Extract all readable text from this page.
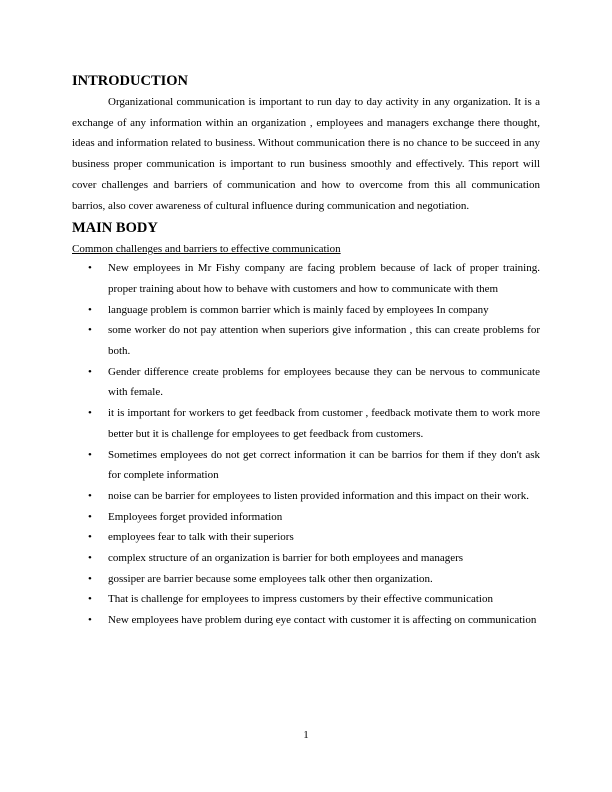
INTRODUCTION

Organizational communication is important to run day to day activity in any organization. It is a exchange of any information within an organization , employees and managers exchange there thought, ideas and information related to business. Without communication there is no chance to be succeed in any business proper communication is important to run business smoothly and effectively. This report will cover challenges and barriers of communication and how to overcome from this all communication barrios, also cover awareness of cultural influence during communication and negotiation.

MAIN BODY

Common challenges and barriers to effective communication

• New employees in Mr Fishy company are facing problem because of lack of proper training. proper training about how to behave with customers and how to communicate with them
• language problem is common barrier which is mainly faced by employees In company
• some worker do not pay attention when superiors give information , this can create problems for both.
• Gender difference create problems for employees because they can be nervous to communicate with female.
• it is important for workers to get feedback from customer , feedback motivate them to work more better but it is challenge for employees to get feedback from customers.
• Sometimes employees do not get correct information it can be barrios for them if they don't ask for complete information
• noise can be barrier for employees to listen provided information and this impact on their work.
• Employees forget provided information
• employees fear to talk with their superiors
• complex structure of an organization is barrier for both employees and managers
• gossiper are barrier because some employees talk other then organization.
• That is challenge for employees to impress customers by their effective communication
• New employees have problem during eye contact with customer it is affecting on communication
1
